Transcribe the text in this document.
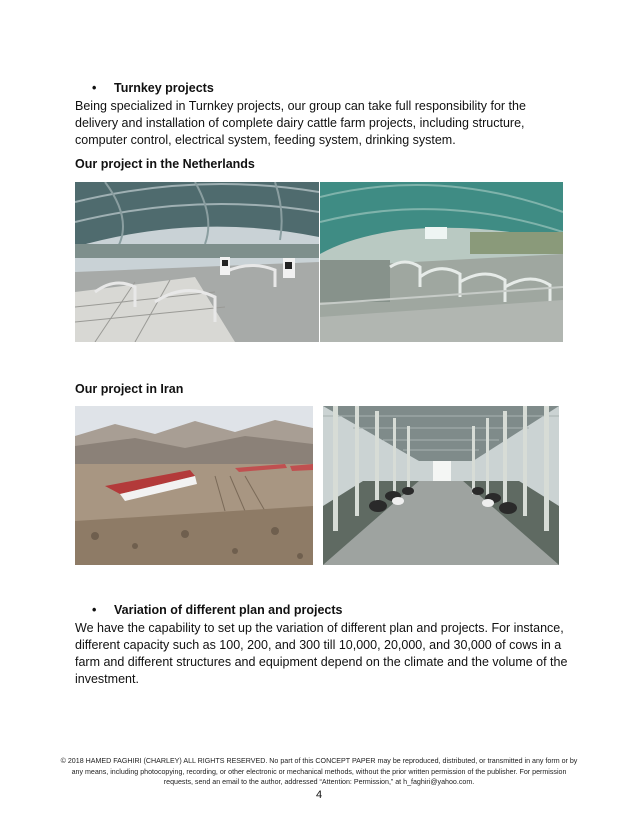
• Turnkey projects
Being specialized in Turnkey projects, our group can take full responsibility for the delivery and installation of complete dairy cattle farm projects, including structure, computer control, electrical system, feeding system, drinking system.
Our project in the Netherlands
Our project in Iran
• Variation of different plan and projects
We have the capability to set up the variation of different plan and projects. For instance, different capacity such as 100, 200, and 300 till 10,000, 20,000, and 30,000 of cows in a farm and different structures and equipment depend on the climate and the volume of the investment.
© 2018 HAMED FAGHIRI (CHARLEY) ALL RIGHTS RESERVED. No part of this CONCEPT PAPER may be reproduced, distributed, or transmitted in any form or by any means, including photocopying, recording, or other electronic or mechanical methods, without the prior written permission of the publisher. For permission requests, send an email to the author, addressed “Attention: Permission,” at h_faghiri@yahoo.com.
4
